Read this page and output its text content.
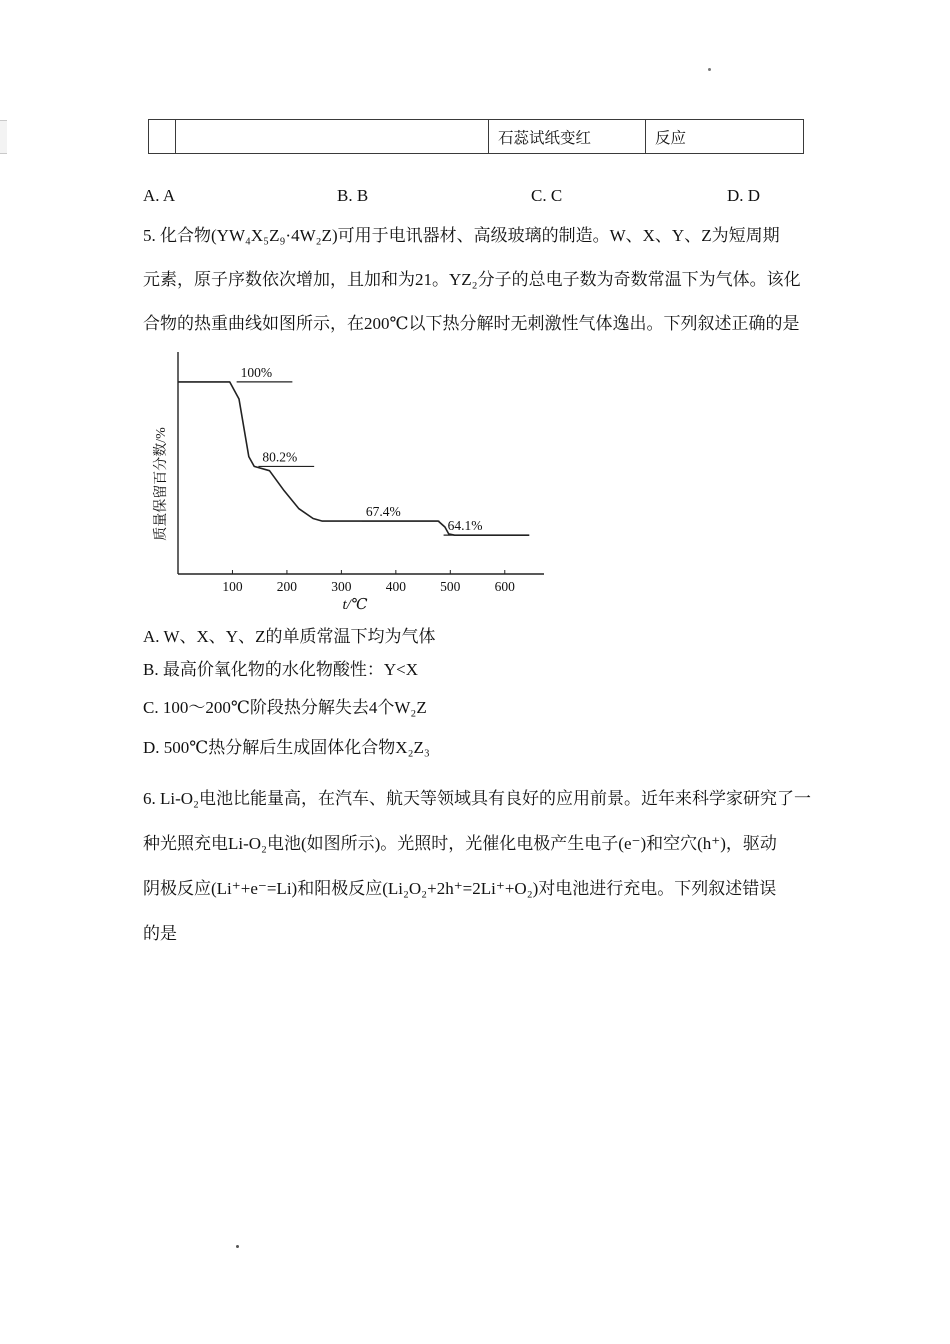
		石蕊试纸变红	反应
A. A	B. B	C. C	D. D
5. 化合物(YW₄X₅Z₉·4W₂Z)可用于电讯器材、高级玻璃的制造。W、X、Y、Z为短周期
元素，原子序数依次增加，且加和为21。YZ₂分子的总电子数为奇数常温下为气体。该化
合物的热重曲线如图所示，在200℃以下热分解时无刺激性气体逸出。下列叙述正确的是
质量保留百分数/%
100	200	300	400	500	600
100%
80.2%
67.4%
64.1%
t/℃
A. W、X、Y、Z的单质常温下均为气体
B. 最高价氧化物的水化物酸性：Y<X
C. 100～200℃阶段热分解失去4个W₂Z
D. 500℃热分解后生成固体化合物X₂Z₃
6. Li-O₂电池比能量高，在汽车、航天等领域具有良好的应用前景。近年来科学家研究了一
种光照充电Li-O₂电池(如图所示)。光照时，光催化电极产生电子(e⁻)和空穴(h⁺)，驱动
阴极反应(Li⁺+e⁻=Li)和阳极反应(Li₂O₂+2h⁺=2Li⁺+O₂)对电池进行充电。下列叙述错误
的是
